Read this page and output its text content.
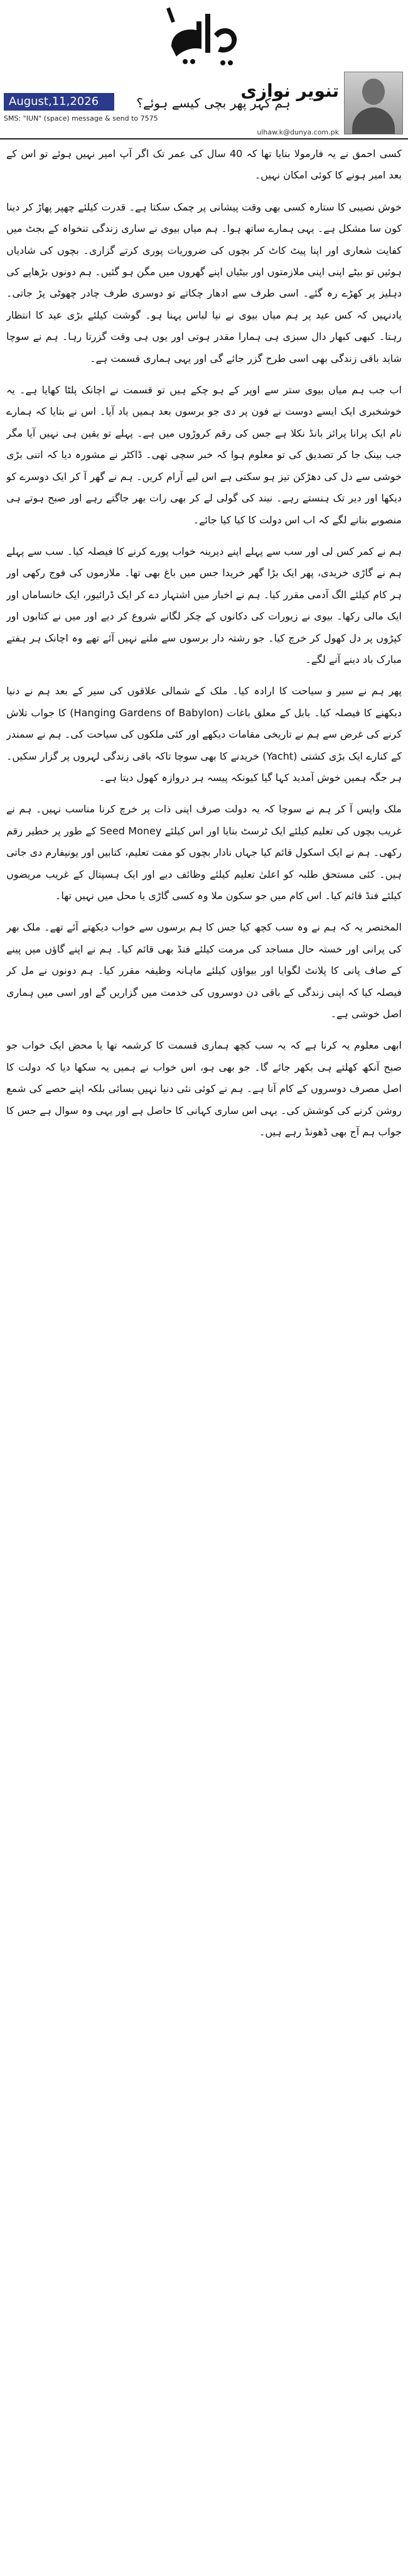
تنویر نوازی
ulhaw.k@dunya.com.pk
ہم کہر پھر بچی کیسے ہوئے؟
August,11,2026
SMS: "IUN" (space) message & send to 7575

کسی احمق نے یہ فارمولا بنایا تھا کہ 40 سال کی عمر تک اگر آپ امیر نہیں ہوئے تو اس کے بعد امیر ہونے کا کوئی امکان نہیں۔

خوش نصیبی کا ستارہ کسی بھی وقت پیشانی پر چمک سکتا ہے۔ قدرت کیلئے چھپر پھاڑ کر دینا کون سا مشکل ہے۔ یہی ہمارے ساتھ ہوا۔ ہم میاں بیوی نے ساری زندگی تنخواہ کے بجٹ میں کفایت شعاری اور اپنا پیٹ کاٹ کر بچوں کی ضروریات پوری کرتے گزاری۔ بچوں کی شادیاں ہوئیں تو بیٹے اپنی اپنی ملازمتوں اور بیٹیاں اپنے گھروں میں مگن ہو گئیں۔ ہم دونوں بڑھاپے کی دہلیز پر کھڑے رہ گئے۔ اسی طرف سے ادھار چکاتے تو دوسری طرف چادر چھوٹی پڑ جاتی۔ یادنہیں کہ کس عید پر ہم میاں بیوی نے نیا لباس پہنا ہو۔ گوشت کیلئے بڑی عید کا انتظار رہتا۔ کبھی کبھار دال سبزی ہی ہمارا مقدر ہوتی اور یوں ہی وقت گزرتا رہا۔ ہم نے سوچا شاید باقی زندگی بھی اسی طرح گزر جائے گی اور یہی ہماری قسمت ہے۔

اب جب ہم میاں بیوی ستر سے اوپر کے ہو چکے ہیں تو قسمت نے اچانک پلٹا کھایا ہے۔ یہ خوشخبری ایک ایسے دوست نے فون پر دی جو برسوں بعد ہمیں یاد آیا۔ اس نے بتایا کہ ہمارے نام ایک پرانا پرائز بانڈ نکلا ہے جس کی رقم کروڑوں میں ہے۔ پہلے تو یقین ہی نہیں آیا مگر جب بینک جا کر تصدیق کی تو معلوم ہوا کہ خبر سچی تھی۔ ڈاکٹر نے مشورہ دیا کہ اتنی بڑی خوشی سے دل کی دھڑکن تیز ہو سکتی ہے اس لیے آرام کریں۔ ہم نے گھر آ کر ایک دوسرے کو دیکھا اور دیر تک ہنستے رہے۔ نیند کی گولی لے کر بھی رات بھر جاگتے رہے اور صبح ہوتے ہی منصوبے بنانے لگے کہ اب اس دولت کا کیا کیا جائے۔

ہم نے کمر کس لی اور سب سے پہلے اپنے دیرینہ خواب پورے کرنے کا فیصلہ کیا۔ سب سے پہلے ہم نے گاڑی خریدی، پھر ایک بڑا گھر خریدا جس میں باغ بھی تھا۔ ملازموں کی فوج رکھی اور ہر کام کیلئے الگ آدمی مقرر کیا۔ ہم نے اخبار میں اشتہار دے کر ایک ڈرائیور، ایک خانساماں اور ایک مالی رکھا۔ بیوی نے زیورات کی دکانوں کے چکر لگانے شروع کر دیے اور میں نے کتابوں اور کپڑوں پر دل کھول کر خرچ کیا۔ جو رشتہ دار برسوں سے ملنے نہیں آئے تھے وہ اچانک ہر ہفتے مبارک باد دینے آنے لگے۔

پھر ہم نے سیر و سیاحت کا ارادہ کیا۔ ملک کے شمالی علاقوں کی سیر کے بعد ہم نے دنیا دیکھنے کا فیصلہ کیا۔ بابل کے معلق باغات (Hanging Gardens of Babylon) کا جواب تلاش کرنے کی غرض سے ہم نے تاریخی مقامات دیکھے اور کئی ملکوں کی سیاحت کی۔ ہم نے سمندر کے کنارے ایک بڑی کشتی (Yacht) خریدنے کا بھی سوچا تاکہ باقی زندگی لہروں پر گزار سکیں۔ ہر جگہ ہمیں خوش آمدید کہا گیا کیونکہ پیسہ ہر دروازہ کھول دیتا ہے۔

ملک واپس آ کر ہم نے سوچا کہ یہ دولت صرف اپنی ذات پر خرچ کرنا مناسب نہیں۔ ہم نے غریب بچوں کی تعلیم کیلئے ایک ٹرسٹ بنایا اور اس کیلئے Seed Money کے طور پر خطیر رقم رکھی۔ ہم نے ایک اسکول قائم کیا جہاں نادار بچوں کو مفت تعلیم، کتابیں اور یونیفارم دی جاتی ہیں۔ کئی مستحق طلبہ کو اعلیٰ تعلیم کیلئے وظائف دیے اور ایک ہسپتال کے غریب مریضوں کیلئے فنڈ قائم کیا۔ اس کام میں جو سکون ملا وہ کسی گاڑی یا محل میں نہیں تھا۔

المختصر یہ کہ ہم نے وہ سب کچھ کیا جس کا ہم برسوں سے خواب دیکھتے آئے تھے۔ ملک بھر کی پرانی اور خستہ حال مساجد کی مرمت کیلئے فنڈ بھی قائم کیا۔ ہم نے اپنے گاؤں میں پینے کے صاف پانی کا پلانٹ لگوایا اور بیواؤں کیلئے ماہانہ وظیفہ مقرر کیا۔ ہم دونوں نے مل کر فیصلہ کیا کہ اپنی زندگی کے باقی دن دوسروں کی خدمت میں گزاریں گے اور اسی میں ہماری اصل خوشی ہے۔

ابھی معلوم یہ کرنا ہے کہ یہ سب کچھ ہماری قسمت کا کرشمہ تھا یا محض ایک خواب جو صبح آنکھ کھلتے ہی بکھر جائے گا۔ جو بھی ہو، اس خواب نے ہمیں یہ سکھا دیا کہ دولت کا اصل مصرف دوسروں کے کام آنا ہے۔ ہم نے کوئی نئی دنیا نہیں بسائی بلکہ اپنے حصے کی شمع روشن کرنے کی کوشش کی۔ یہی اس ساری کہانی کا حاصل ہے اور یہی وہ سوال ہے جس کا جواب ہم آج بھی ڈھونڈ رہے ہیں۔
